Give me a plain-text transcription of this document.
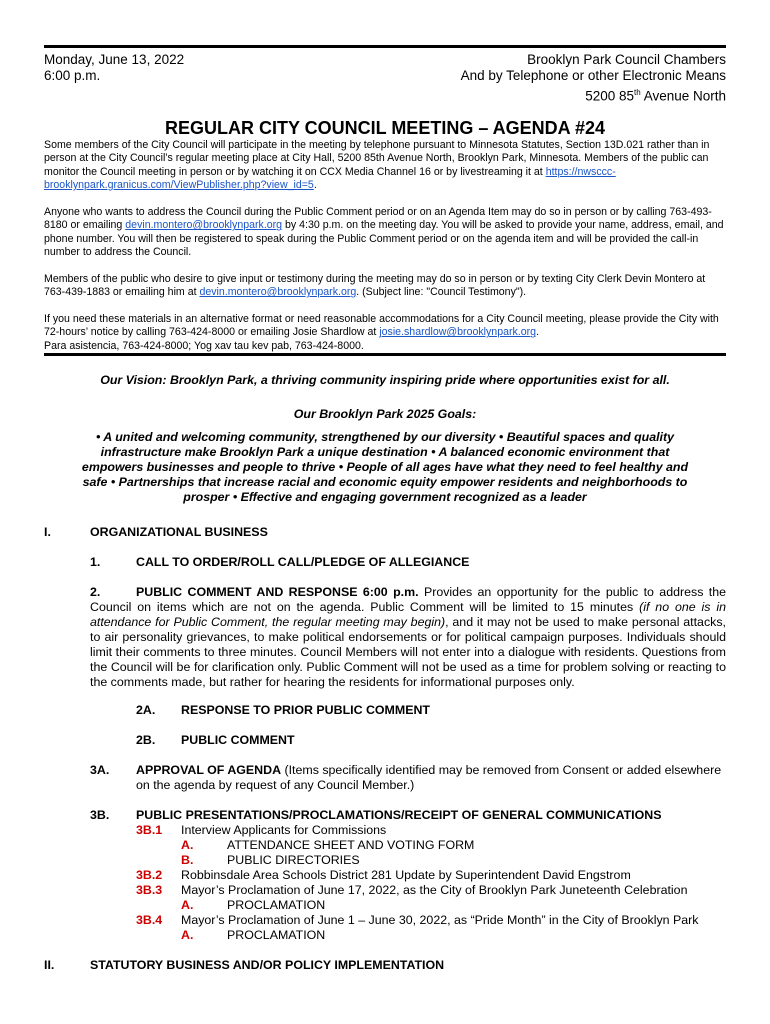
Monday, June 13, 2022
6:00 p.m.
Brooklyn Park Council Chambers
And by Telephone or other Electronic Means
5200 85th Avenue North
REGULAR CITY COUNCIL MEETING – AGENDA #24
Some members of the City Council will participate in the meeting by telephone pursuant to Minnesota Statutes, Section 13D.021 rather than in person at the City Council’s regular meeting place at City Hall, 5200 85th Avenue North, Brooklyn Park, Minnesota. Members of the public can monitor the Council meeting in person or by watching it on CCX Media Channel 16 or by livestreaming it at https://nwsccc-brooklynpark.granicus.com/ViewPublisher.php?view_id=5.
Anyone who wants to address the Council during the Public Comment period or on an Agenda Item may do so in person or by calling 763-493-8180 or emailing devin.montero@brooklynpark.org by 4:30 p.m. on the meeting day. You will be asked to provide your name, address, email, and phone number. You will then be registered to speak during the Public Comment period or on the agenda item and will be provided the call-in number to address the Council.
Members of the public who desire to give input or testimony during the meeting may do so in person or by texting City Clerk Devin Montero at 763-439-1883 or emailing him at devin.montero@brooklynpark.org. (Subject line: "Council Testimony").
If you need these materials in an alternative format or need reasonable accommodations for a City Council meeting, please provide the City with 72-hours’ notice by calling 763-424-8000 or emailing Josie Shardlow at josie.shardlow@brooklynpark.org.
Para asistencia, 763-424-8000; Yog xav tau kev pab, 763-424-8000.
Our Vision: Brooklyn Park, a thriving community inspiring pride where opportunities exist for all.
Our Brooklyn Park 2025 Goals:
• A united and welcoming community, strengthened by our diversity • Beautiful spaces and quality
infrastructure make Brooklyn Park a unique destination • A balanced economic environment that
empowers businesses and people to thrive • People of all ages have what they need to feel healthy and
safe • Partnerships that increase racial and economic equity empower residents and neighborhoods to
prosper • Effective and engaging government recognized as a leader
I.	ORGANIZATIONAL BUSINESS
1.	CALL TO ORDER/ROLL CALL/PLEDGE OF ALLEGIANCE
2.	PUBLIC COMMENT AND RESPONSE 6:00 p.m. Provides an opportunity for the public to address the Council on items which are not on the agenda. Public Comment will be limited to 15 minutes (if no one is in attendance for Public Comment, the regular meeting may begin), and it may not be used to make personal attacks, to air personality grievances, to make political endorsements or for political campaign purposes. Individuals should limit their comments to three minutes. Council Members will not enter into a dialogue with residents. Questions from the Council will be for clarification only. Public Comment will not be used as a time for problem solving or reacting to the comments made, but rather for hearing the residents for informational purposes only.
2A. RESPONSE TO PRIOR PUBLIC COMMENT
2B. PUBLIC COMMENT
3A. APPROVAL OF AGENDA (Items specifically identified may be removed from Consent or added elsewhere on the agenda by request of any Council Member.)
3B. PUBLIC PRESENTATIONS/PROCLAMATIONS/RECEIPT OF GENERAL COMMUNICATIONS
3B.1 Interview Applicants for Commissions
A.	ATTENDANCE SHEET AND VOTING FORM
B.	PUBLIC DIRECTORIES
3B.2 Robbinsdale Area Schools District 281 Update by Superintendent David Engstrom
3B.3 Mayor’s Proclamation of June 17, 2022, as the City of Brooklyn Park Juneteenth Celebration
A.	PROCLAMATION
3B.4 Mayor’s Proclamation of June 1 – June 30, 2022, as “Pride Month” in the City of Brooklyn Park
A.	PROCLAMATION
II.	STATUTORY BUSINESS AND/OR POLICY IMPLEMENTATION
